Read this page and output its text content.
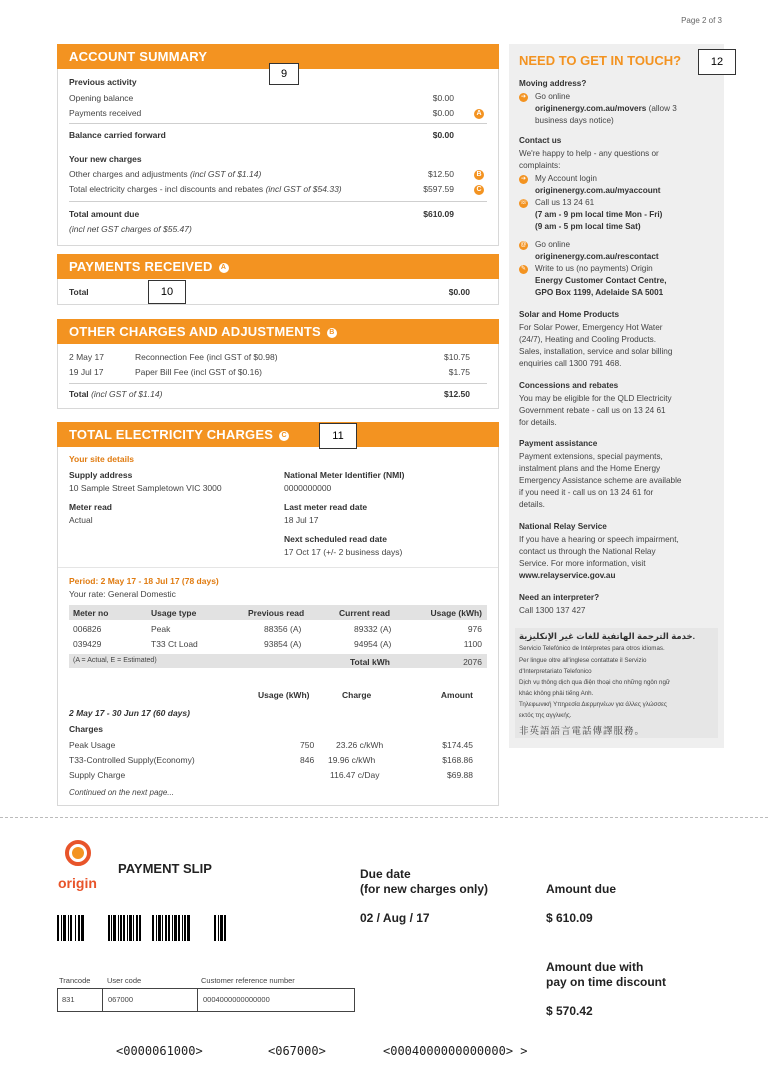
Page 2 of 3
ACCOUNT SUMMARY
Previous activity
Opening balance	$0.00
Payments received	$0.00	A
Balance carried forward	$0.00
Your new charges
Other charges and adjustments (incl GST of $1.14)	$12.50	B
Total electricity charges - incl discounts and rebates (incl GST of $54.33)	$597.59	C
Total amount due	$610.09
(incl net GST charges of $55.47)
9
PAYMENTS RECEIVED A
Total	$0.00
10
OTHER CHARGES AND ADJUSTMENTS B
2 May 17	Reconnection Fee (incl GST of $0.98)	$10.75
19 Jul 17	Paper Bill Fee (incl GST of $0.16)	$1.75
Total (incl GST of $1.14)	$12.50
TOTAL ELECTRICITY CHARGES C
Your site details
Supply address
10 Sample Street Sampletown VIC 3000
National Meter Identifier (NMI)
0000000000
Meter read
Actual
Last meter read date
18 Jul 17
Next scheduled read date
17 Oct 17 (+/- 2 business days)
Period: 2 May 17 - 18 Jul 17 (78 days)
Your rate: General Domestic
Meter no	Usage type	Previous read	Current read	Usage (kWh)
006826	Peak	88356 (A)	89332 (A)	976
039429	T33 Ct Load	93854 (A)	94954 (A)	1100
(A = Actual, E = Estimated)	Total kWh	2076
Usage (kWh)	Charge	Amount
2 May 17 - 30 Jun 17 (60 days)
Charges
Peak Usage	750	23.26 c/kWh	$174.45
T33-Controlled Supply(Economy)	846 19.96 c/kWh	$168.86
Supply Charge	116.47 c/Day	$69.88
Continued on the next page...
11
NEED TO GET IN TOUCH?
Moving address?
➔ Go online
originenergy.com.au/movers (allow 3
business days notice)
Contact us
We're happy to help - any questions or
complaints:
➔ My Account login
originenergy.com.au/myaccount
☏ Call us 13 24 61
(7 am - 9 pm local time Mon - Fri)
(9 am - 5 pm local time Sat)
@ Go online
originenergy.com.au/rescontact
✎ Write to us (no payments) Origin
Energy Customer Contact Centre,
GPO Box 1199, Adelaide SA 5001
Solar and Home Products
For Solar Power, Emergency Hot Water
(24/7), Heating and Cooling Products.
Sales, installation, service and solar billing
enquiries call 1300 791 468.
Concessions and rebates
You may be eligible for the QLD Electricity
Government rebate - call us on 13 24 61
for details.
Payment assistance
Payment extensions, special payments,
instalment plans and the Home Energy
Emergency Assistance scheme are available
if you need it - call us on 13 24 61 for
details.
National Relay Service
If you have a hearing or speech impairment,
contact us through the National Relay
Service. For more information, visit
www.relayservice.gov.au
Need an interpreter?
Call 1300 137 427
خدمة الترجمة الهاتفية للغات غير الإنكليزية.
Servicio Telefónico de Intérpretes para otros idiomas.
Per lingue oltre all'inglese contattate il Servizio
d'Interpretariato Telefonico
Dịch vụ thông dịch qua điện thoại cho những ngôn ngữ
khác không phải tiếng Anh.
Τηλεφωνική Υπηρεσία Διερμηνέων για άλλες γλώσσες
εκτός της αγγλικής.
非英語語言電話傳譯服務。
12
origin
PAYMENT SLIP

Trancode User code	Customer reference number
831	067000	0004000000000000
Due date
(for new charges only)
02 / Aug / 17
Amount due
$ 610.09
Amount due with
pay on time discount
$ 570.42
<0000061000>	<067000>	<0004000000000000> >
